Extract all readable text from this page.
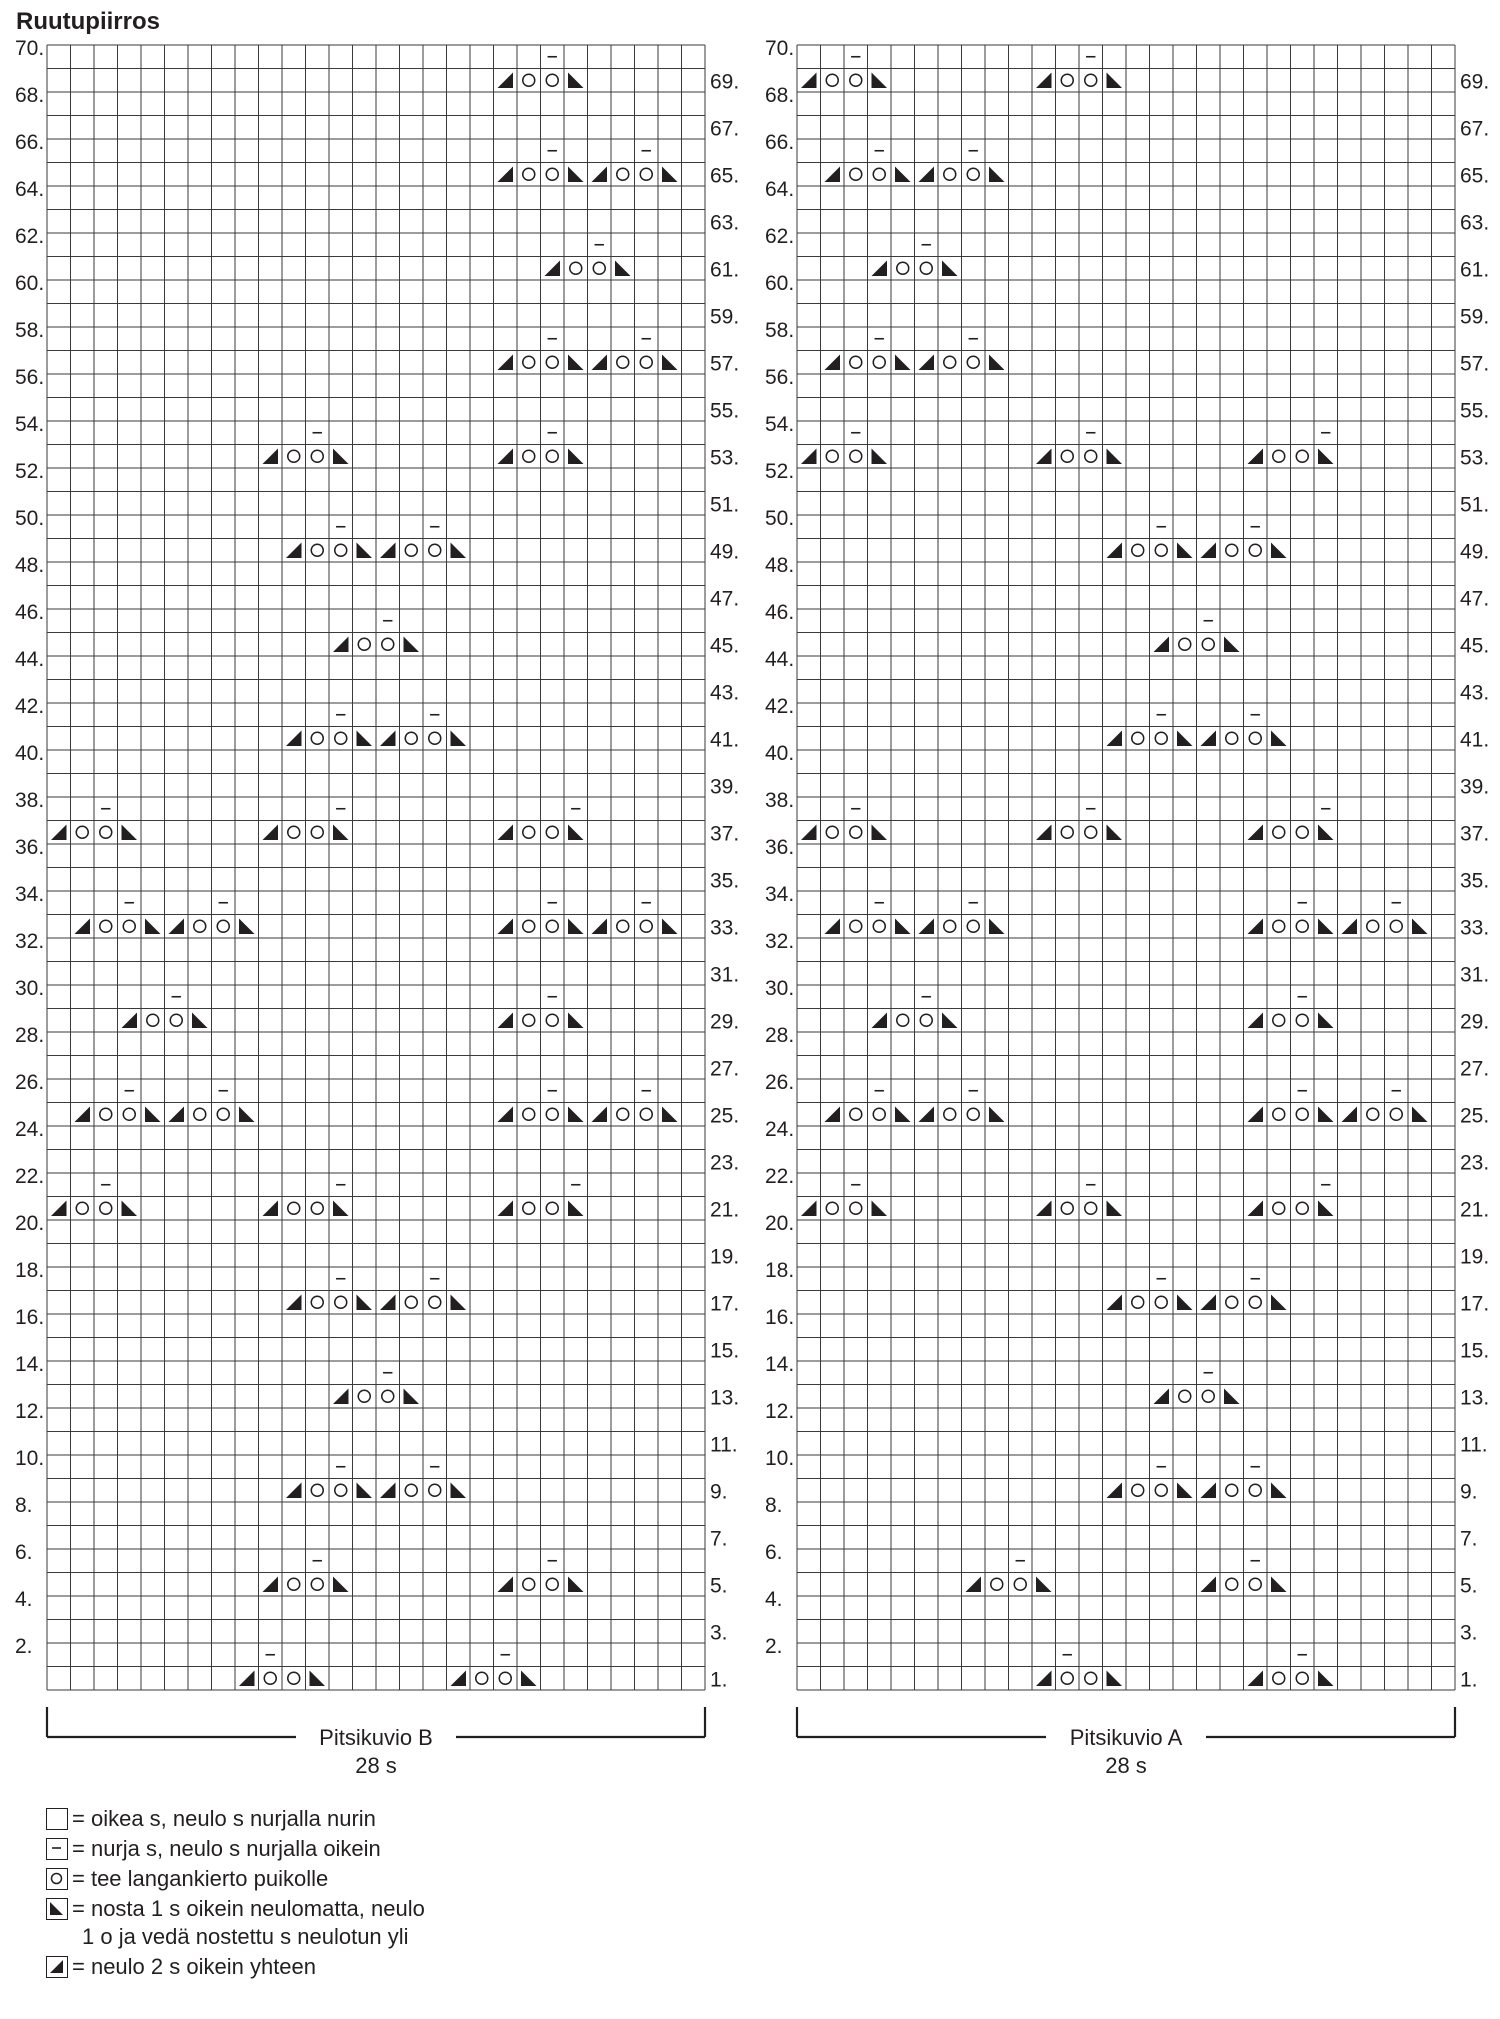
Ruutupiirros
70.
68.
66.
64.
62.
60.
58.
56.
54.
52.
50.
48.
46.
44.
42.
40.
38.
36.
34.
32.
30.
28.
26.
24.
22.
20.
18.
16.
14.
12.
10.
8.
6.
4.
2.
69.
67.
65.
63.
61.
59.
57.
55.
53.
51.
49.
47.
45.
43.
41.
39.
37.
35.
33.
31.
29.
27.
25.
23.
21.
19.
17.
15.
13.
11.
9.
7.
5.
3.
1.
Pitsikuvio B
28 s
70.
68.
66.
64.
62.
60.
58.
56.
54.
52.
50.
48.
46.
44.
42.
40.
38.
36.
34.
32.
30.
28.
26.
24.
22.
20.
18.
16.
14.
12.
10.
8.
6.
4.
2.
69.
67.
65.
63.
61.
59.
57.
55.
53.
51.
49.
47.
45.
43.
41.
39.
37.
35.
33.
31.
29.
27.
25.
23.
21.
19.
17.
15.
13.
11.
9.
7.
5.
3.
1.
Pitsikuvio A
28 s
= oikea s, neulo s nurjalla nurin
= nurja s, neulo s nurjalla oikein
= tee langankierto puikolle
= nosta 1 s oikein neulomatta, neulo
1 o ja vedä nostettu s neulotun yli
= neulo 2 s oikein yhteen
